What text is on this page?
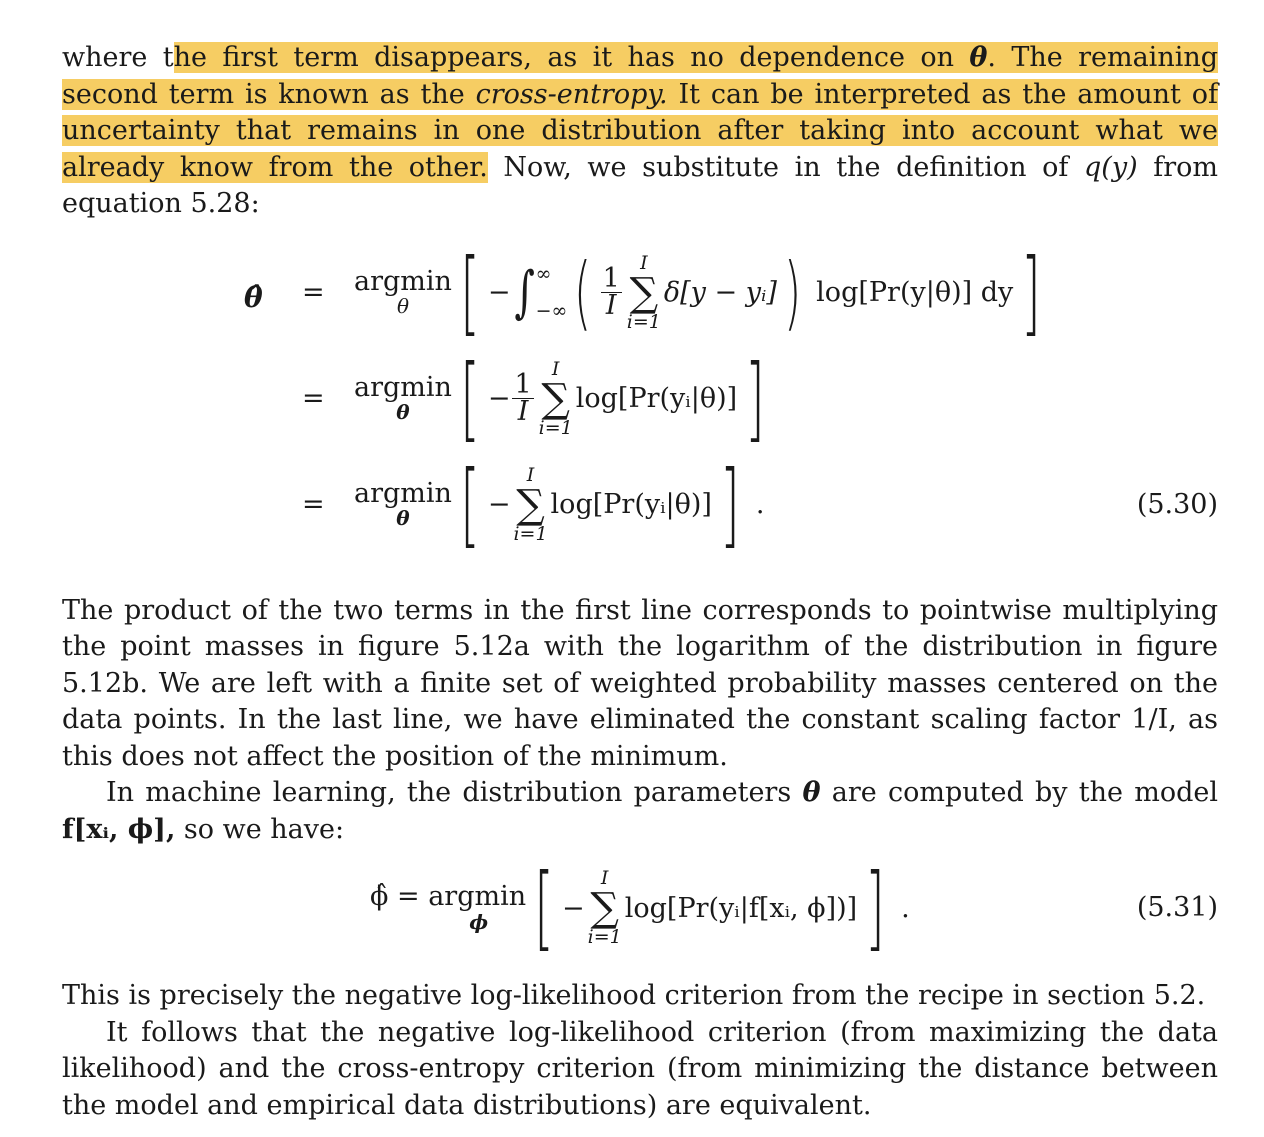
where the first term disappears, as it has no dependence on θ. The remaining second term is known as the cross-entropy. It can be interpreted as the amount of uncertainty that remains in one distribution after taking into account what we already know from the other. Now, we substitute in the definition of q(y) from equation 5.28:

θ̂ = argmin
θ [ − ∫ ∞
−∞ ( $\frac{1}{I}$
I
∑
i=1
δ[y − yᵢ] ) log[Pr(y|θ)] dy ]
= argmin
θ [ − $\frac{1}{I}$
I
∑
i=1
log[Pr(yᵢ|θ)] ]
= argmin
θ [ −
I
∑
i=1
log[Pr(yᵢ|θ)] ] .	(5.30)

The product of the two terms in the first line corresponds to pointwise multiplying the point masses in figure 5.12a with the logarithm of the distribution in figure 5.12b. We are left with a finite set of weighted probability masses centered on the data points. In the last line, we have eliminated the constant scaling factor 1/I, as this does not affect the position of the minimum.

In machine learning, the distribution parameters θ are computed by the model f[xᵢ, ϕ], so we have:

ϕ̂ = argmin
ϕ [ −
I
∑
i=1
log[Pr(yᵢ|f[xᵢ, ϕ])] ] .	(5.31)

This is precisely the negative log-likelihood criterion from the recipe in section 5.2.

It follows that the negative log-likelihood criterion (from maximizing the data likelihood) and the cross-entropy criterion (from minimizing the distance between the model and empirical data distributions) are equivalent.
